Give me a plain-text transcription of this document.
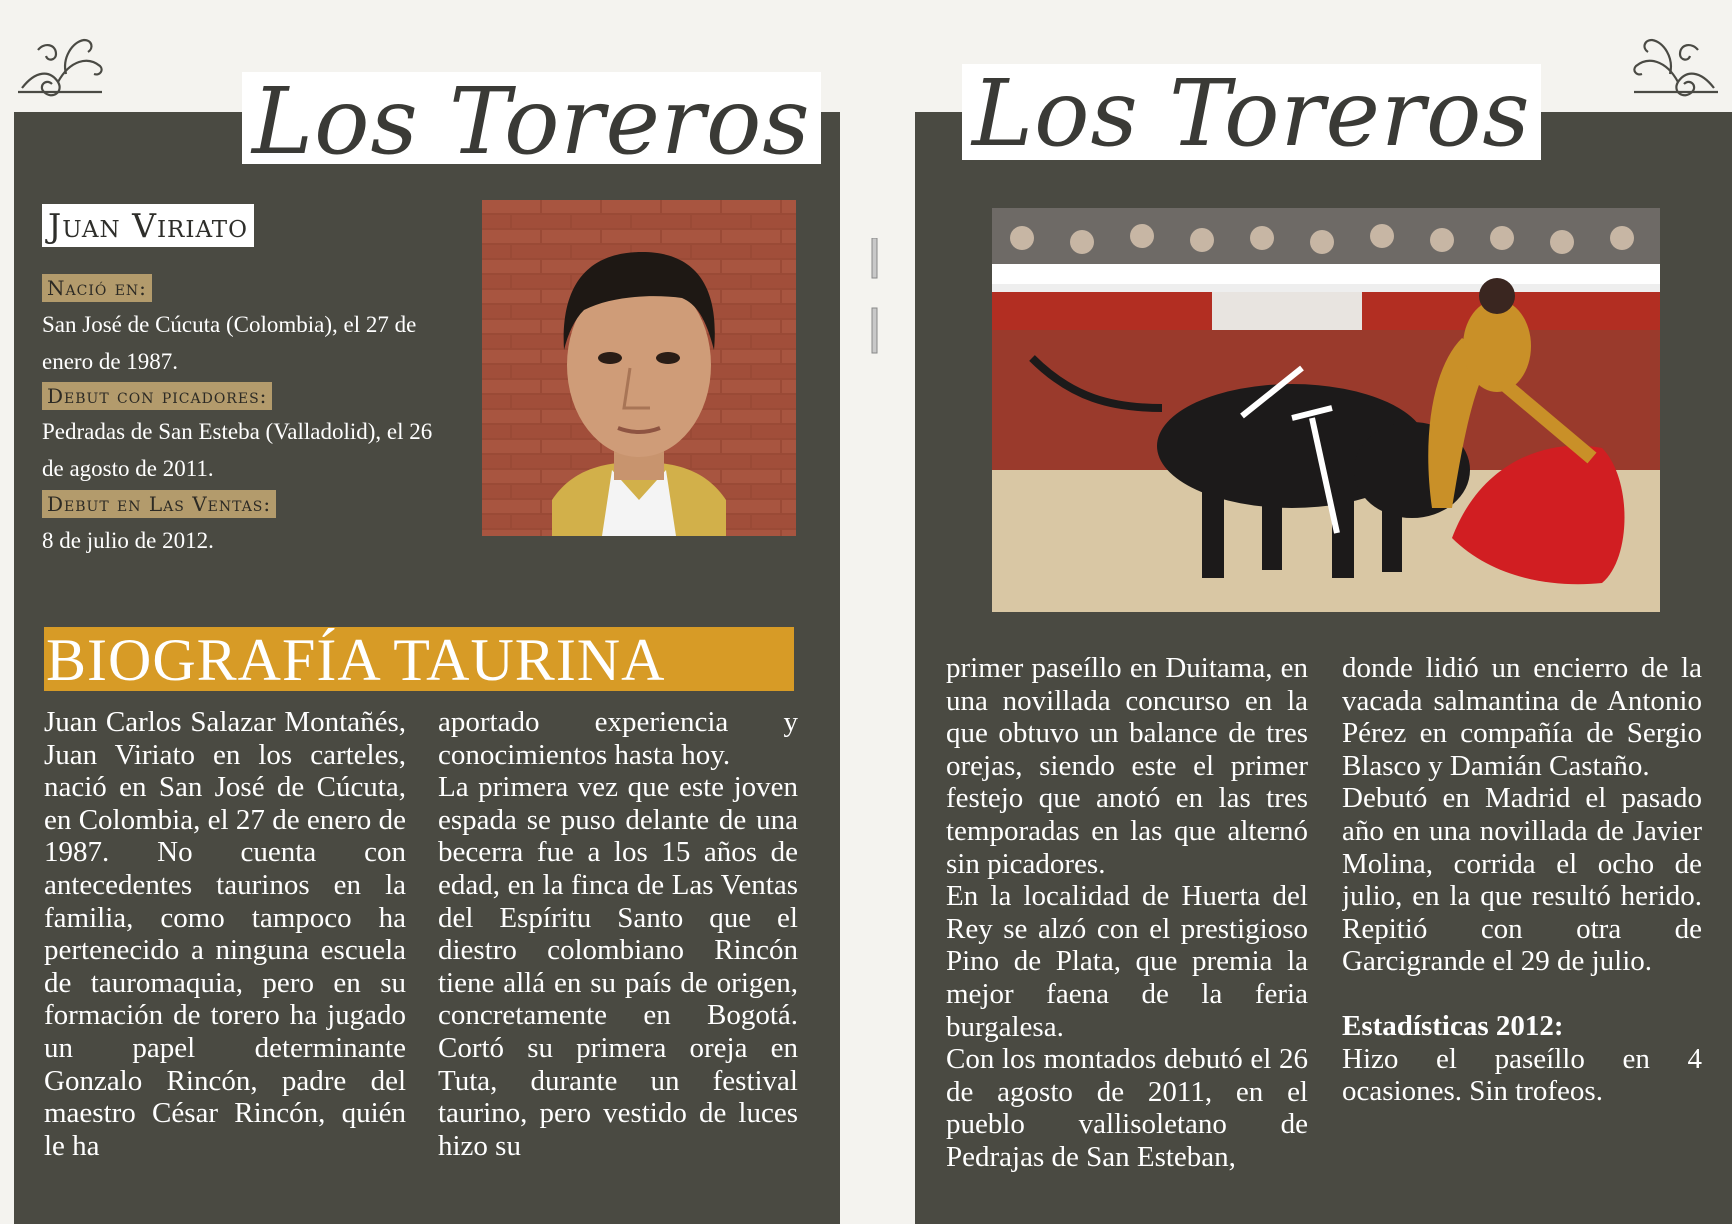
Los Toreros Los Toreros
Juan Viriato
Nació en:
San José de Cúcuta (Colombia), el 27 de enero de 1987.
Debut con picadores:
Pedradas de San Esteba (Valladolid), el 26 de agosto de 2011.
Debut en Las Ventas:
8 de julio de 2012.
BIOGRAFÍA TAURINA

Juan Carlos Salazar Montañés, Juan Viriato en los carteles, nació en San José de Cúcuta, en Colombia, el 27 de enero de 1987. No cuenta con antecedentes taurinos en la familia, como tampoco ha pertenecido a ninguna escuela de tauromaquia, pero en su formación de torero ha jugado un papel determinante Gonzalo Rincón, padre del maestro César Rincón, quién le ha

aportado experiencia y conocimientos hasta hoy.

La primera vez que este joven espada se puso delante de una becerra fue a los 15 años de edad, en la finca de Las Ventas del Espíritu Santo que el diestro colombiano Rincón tiene allá en su país de origen, concretamente en Bogotá. Cortó su primera oreja en Tuta, durante un festival taurino, pero vestido de luces hizo su

primer paseíllo en Duitama, en una novillada concurso en la que obtuvo un balance de tres orejas, siendo este el primer festejo que anotó en las tres temporadas en las que alternó sin picadores.

En la localidad de Huerta del Rey se alzó con el prestigioso Pino de Plata, que premia la mejor faena de la feria burgalesa.

Con los montados debutó el 26 de agosto de 2011, en el pueblo vallisoletano de Pedrajas de San Esteban,

donde lidió un encierro de la vacada salmantina de Antonio Pérez en compañía de Sergio Blasco y Damián Castaño.

Debutó en Madrid el pasado año en una novillada de Javier Molina, corrida el ocho de julio, en la que resultó herido. Repitió con otra de Garcigrande el 29 de julio.

Estadísticas 2012:

Hizo el paseíllo en 4 ocasiones. Sin trofeos.
